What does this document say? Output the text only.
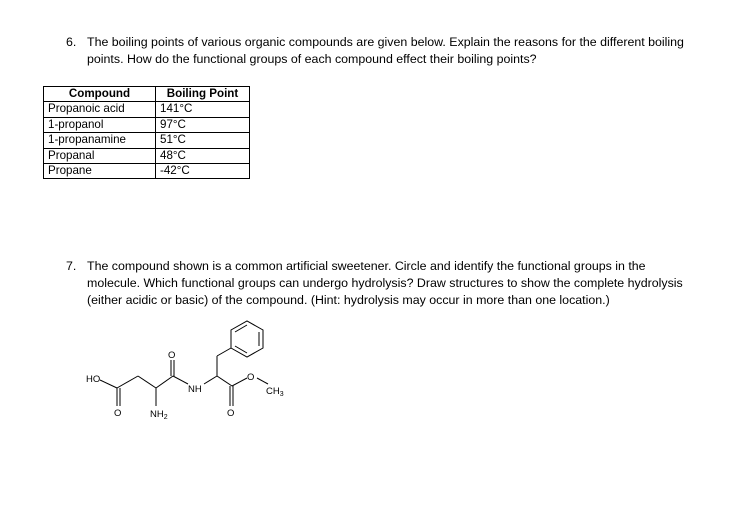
6. The boiling points of various organic compounds are given below. Explain the reasons for the different boiling
points. How do the functional groups of each compound effect their boiling points?
Compound	Boiling Point
Propanoic acid	141°C
1-propanol	97°C
1-propanamine	51°C
Propanal	48°C
Propane	-42°C
7. The compound shown is a common artificial sweetener. Circle and identify the functional groups in the
molecule. Which functional groups can undergo hydrolysis? Draw structures to show the complete hydrolysis
(either acidic or basic) of the compound. (Hint: hydrolysis may occur in more than one location.)
HO
O	$NH_2$
O
NH
O
O
$CH_3$
